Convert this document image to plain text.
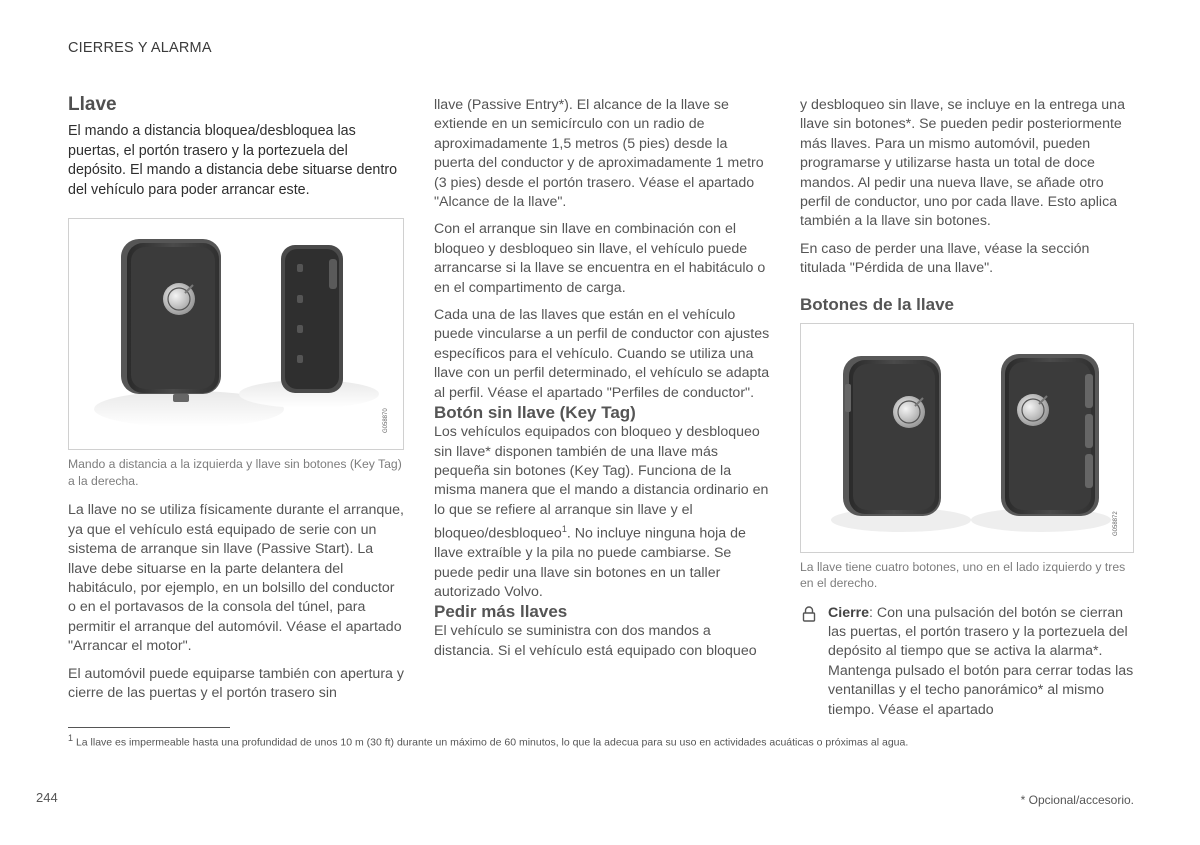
CIERRES Y ALARMA
Llave

El mando a distancia bloquea/desbloquea las puertas, el portón trasero y la portezuela del depósito. El mando a distancia debe situarse dentro del vehículo para poder arrancar este.

G058870
Mando a distancia a la izquierda y llave sin botones (Key Tag) a la derecha.

La llave no se utiliza físicamente durante el arranque, ya que el vehículo está equipado de serie con un sistema de arranque sin llave (Passive Start). La llave debe situarse en la parte delantera del habitáculo, por ejemplo, en un bolsillo del conductor o en el portavasos de la consola del túnel, para permitir el arranque del automóvil. Véase el apartado "Arrancar el motor".

El automóvil puede equiparse también con apertura y cierre de las puertas y el portón trasero sin

llave (Passive Entry*). El alcance de la llave se extiende en un semicírculo con un radio de aproximadamente 1,5 metros (5 pies) desde la puerta del conductor y de aproximadamente 1 metro (3 pies) desde el portón trasero. Véase el apartado "Alcance de la llave".

Con el arranque sin llave en combinación con el bloqueo y desbloqueo sin llave, el vehículo puede arrancarse si la llave se encuentra en el habitáculo o en el compartimento de carga.

Cada una de las llaves que están en el vehículo puede vincularse a un perfil de conductor con ajustes específicos para el vehículo. Cuando se utiliza una llave con un perfil determinado, el vehículo se adapta al perfil. Véase el apartado "Perfiles de conductor".

Botón sin llave (Key Tag)

Los vehículos equipados con bloqueo y desbloqueo sin llave* disponen también de una llave más pequeña sin botones (Key Tag). Funciona de la misma manera que el mando a distancia ordinario en lo que se refiere al arranque sin llave y el bloqueo/desbloqueo$^1$. No incluye ninguna hoja de llave extraíble y la pila no puede cambiarse. Se puede pedir una llave sin botones en un taller autorizado Volvo.

Pedir más llaves

El vehículo se suministra con dos mandos a distancia. Si el vehículo está equipado con bloqueo

y desbloqueo sin llave, se incluye en la entrega una llave sin botones*. Se pueden pedir posteriormente más llaves. Para un mismo automóvil, pueden programarse y utilizarse hasta un total de doce mandos. Al pedir una nueva llave, se añade otro perfil de conductor, uno por cada llave. Esto aplica también a la llave sin botones.

En caso de perder una llave, véase la sección titulada "Pérdida de una llave".

Botones de la llave
G058872
La llave tiene cuatro botones, uno en el lado izquierdo y tres en el derecho.

Cierre: Con una pulsación del botón se cierran las puertas, el portón trasero y la portezuela del depósito al tiempo que se activa la alarma*. Mantenga pulsado el botón para cerrar todas las ventanillas y el techo panorámico* al mismo tiempo. Véase el apartado

$^1$ La llave es impermeable hasta una profundidad de unos 10 m (30 ft) durante un máximo de 60 minutos, lo que la adecua para su uso en actividades acuáticas o próximas al agua.
244	* Opcional/accesorio.
